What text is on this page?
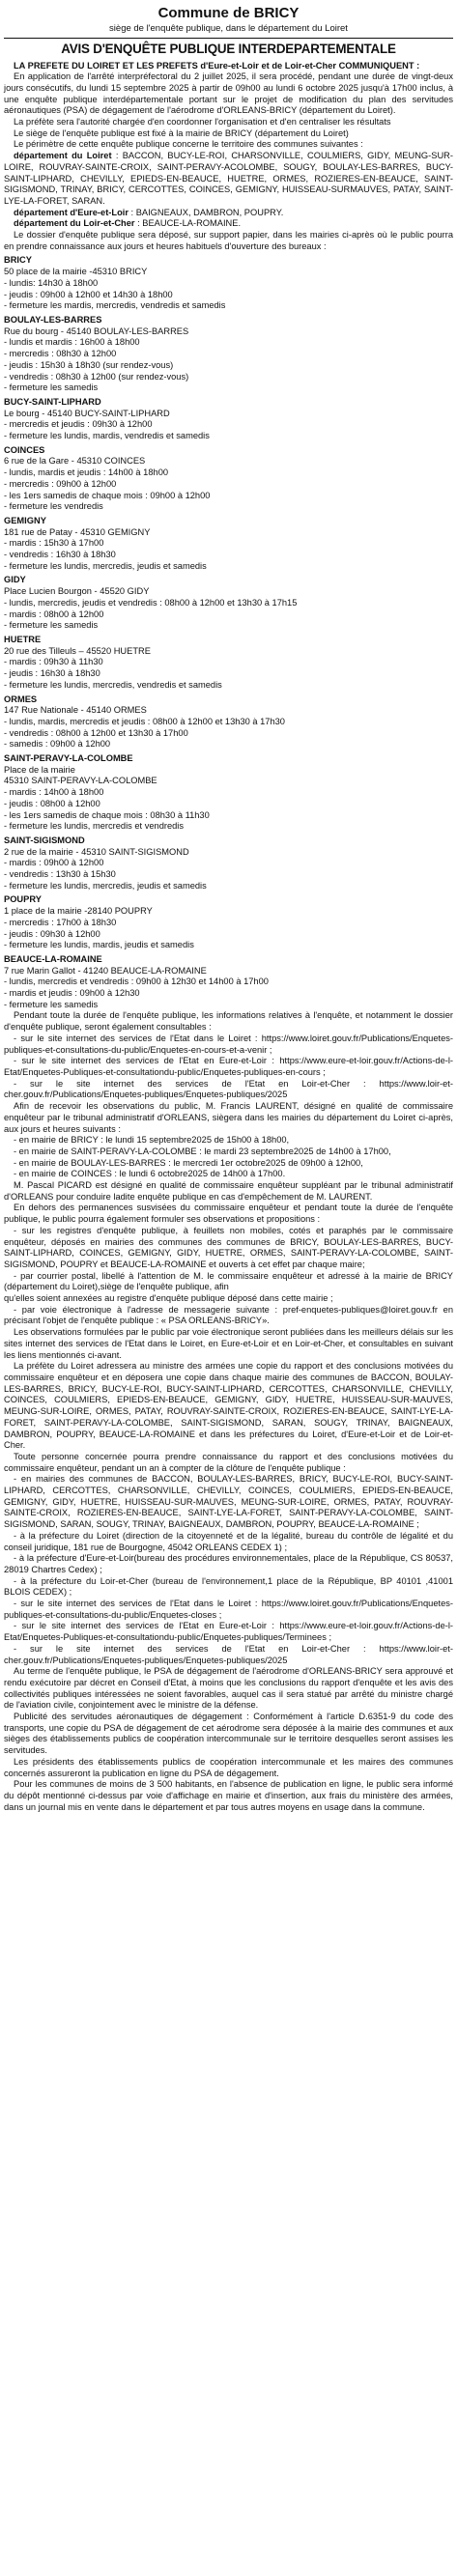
Commune de BRICY
siège de l'enquête publique, dans le département du Loiret
AVIS D'ENQUÊTE PUBLIQUE INTERDEPARTEMENTALE

LA PREFETE DU LOIRET ET LES PREFETS d'Eure-et-Loir et de Loir-et-Cher COMMUNIQUENT :

En application de l'arrêté interpréfectoral du 2 juillet 2025, il sera procédé, pendant une durée de vingt-deux jours consécutifs, du lundi 15 septembre 2025 à partir de 09h00 au lundi 6 octobre 2025 jusqu'à 17h00 inclus, à une enquête publique interdépartementale portant sur le projet de modification du plan des servitudes aéronautiques (PSA) de dégagement de l'aérodrome d'ORLEANS-BRICY (département du Loiret).

La préfète sera l'autorité chargée d'en coordonner l'organisation et d'en centraliser les résultats

Le siège de l'enquête publique est fixé à la mairie de BRICY (département du Loiret)

Le périmètre de cette enquête publique concerne le territoire des communes suivantes :

département du Loiret : BACCON, BUCY-LE-ROI, CHARSONVILLE, COULMIERS, GIDY, MEUNG-SUR-LOIRE, ROUVRAY-SAINTE-CROIX, SAINT-PERAVY-ACOLOMBE, SOUGY, BOULAY-LES-BARRES, BUCY-SAINT-LIPHARD, CHEVILLY, EPIEDS-EN-BEAUCE, HUETRE, ORMES, ROZIERES-EN-BEAUCE, SAINT-SIGISMOND, TRINAY, BRICY, CERCOTTES, COINCES, GEMIGNY, HUISSEAU-SURMAUVES, PATAY, SAINT-LYE-LA-FORET, SARAN.

département d'Eure-et-Loir : BAIGNEAUX, DAMBRON, POUPRY.

département du Loir-et-Cher : BEAUCE-LA-ROMAINE.

Le dossier d'enquête publique sera déposé, sur support papier, dans les mairies ci-après où le public pourra en prendre connaissance aux jours et heures habituels d'ouverture des bureaux :

BRICY
50 place de la mairie -45310 BRICY
- lundis: 14h30 à 18h00
- jeudis : 09h00 à 12h00 et 14h30 à 18h00
- fermeture les mardis, mercredis, vendredis et samedis
BOULAY-LES-BARRES
Rue du bourg - 45140 BOULAY-LES-BARRES
- lundis et mardis : 16h00 à 18h00
- mercredis : 08h30 à 12h00
- jeudis : 15h30 à 18h30 (sur rendez-vous)
- vendredis : 08h30 à 12h00 (sur rendez-vous)
- fermeture les samedis
BUCY-SAINT-LIPHARD
Le bourg - 45140 BUCY-SAINT-LIPHARD
- mercredis et jeudis : 09h30 à 12h00
- fermeture les lundis, mardis, vendredis et samedis
COINCES
6 rue de la Gare - 45310 COINCES
- lundis, mardis et jeudis : 14h00 à 18h00
- mercredis : 09h00 à 12h00
- les 1ers samedis de chaque mois : 09h00 à 12h00
- fermeture les vendredis
GEMIGNY
181 rue de Patay - 45310 GEMIGNY
- mardis : 15h30 à 17h00
- vendredis : 16h30 à 18h30
- fermeture les lundis, mercredis, jeudis et samedis
GIDY
Place Lucien Bourgon - 45520 GIDY
- lundis, mercredis, jeudis et vendredis : 08h00 à 12h00 et 13h30 à 17h15
- mardis : 08h00 à 12h00
- fermeture les samedis
HUETRE
20 rue des Tilleuls – 45520 HUETRE
- mardis : 09h30 à 11h30
- jeudis : 16h30 à 18h30
- fermeture les lundis, mercredis, vendredis et samedis
ORMES
147 Rue Nationale - 45140 ORMES
- lundis, mardis, mercredis et jeudis : 08h00 à 12h00 et 13h30 à 17h30
- vendredis : 08h00 à 12h00 et 13h30 à 17h00
- samedis : 09h00 à 12h00
SAINT-PERAVY-LA-COLOMBE
Place de la mairie
45310 SAINT-PERAVY-LA-COLOMBE
- mardis : 14h00 à 18h00
- jeudis : 08h00 à 12h00
- les 1ers samedis de chaque mois : 08h30 à 11h30
- fermeture les lundis, mercredis et vendredis
SAINT-SIGISMOND
2 rue de la mairie - 45310 SAINT-SIGISMOND
- mardis : 09h00 à 12h00
- vendredis : 13h30 à 15h30
- fermeture les lundis, mercredis, jeudis et samedis
POUPRY
1 place de la mairie -28140 POUPRY
- mercredis : 17h00 à 18h30
- jeudis : 09h30 à 12h00
- fermeture les lundis, mardis, jeudis et samedis
BEAUCE-LA-ROMAINE
7 rue Marin Gallot - 41240 BEAUCE-LA-ROMAINE
- lundis, mercredis et vendredis : 09h00 à 12h30 et 14h00 à 17h00
- mardis et jeudis : 09h00 à 12h30
- fermeture les samedis

Pendant toute la durée de l'enquête publique, les informations relatives à l'enquête, et notamment le dossier d'enquête publique, seront également consultables :

- sur le site internet des services de l'Etat dans le Loiret : https://www.loiret.gouv.fr/Publications/Enquetes-publiques-et-consultations-du-public/Enquetes-en-cours-et-a-venir ;

- sur le site internet des services de l'Etat en Eure-et-Loir : https://www.eure-et-loir.gouv.fr/Actions-de-l-Etat/Enquetes-Publiques-et-consultationdu-public/Enquetes-publiques-en-cours ;

- sur le site internet des services de l'Etat en Loir-et-Cher : https://www.loir-et-cher.gouv.fr/Publications/Enquetes-publiques/Enquetes-publiques/2025

Afin de recevoir les observations du public, M. Francis LAURENT, désigné en qualité de commissaire enquêteur par le tribunal administratif d'ORLEANS, siègera dans les mairies du département du Loiret ci-après, aux jours et heures suivants :

- en mairie de BRICY : le lundi 15 septembre2025 de 15h00 à 18h00,

- en mairie de SAINT-PERAVY-LA-COLOMBE : le mardi 23 septembre2025 de 14h00 à 17h00,

- en mairie de BOULAY-LES-BARRES : le mercredi 1er octobre2025 de 09h00 à 12h00,

- en mairie de COINCES : le lundi 6 octobre2025 de 14h00 à 17h00.

M. Pascal PICARD est désigné en qualité de commissaire enquêteur suppléant par le tribunal administratif d'ORLEANS pour conduire ladite enquête publique en cas d'empêchement de M. LAURENT.

En dehors des permanences susvisées du commissaire enquêteur et pendant toute la durée de l'enquête publique, le public pourra également formuler ses observations et propositions :

- sur les registres d'enquête publique, à feuillets non mobiles, cotés et paraphés par le commissaire enquêteur, déposés en mairies des communes des communes de BRICY, BOULAY-LES-BARRES, BUCY-SAINT-LIPHARD, COINCES, GEMIGNY, GIDY, HUETRE, ORMES, SAINT-PERAVY-LA-COLOMBE, SAINT-SIGISMOND, POUPRY et BEAUCE-LA-ROMAINE et ouverts à cet effet par chaque maire;

- par courrier postal, libellé à l'attention de M. le commissaire enquêteur et adressé à la mairie de BRICY (département du Loiret),siège de l'enquête publique, afin

qu'elles soient annexées au registre d'enquête publique déposé dans cette mairie ;

- par voie électronique à l'adresse de messagerie suivante : pref-enquetes-publiques@loiret.gouv.fr en précisant l'objet de l'enquête publique : « PSA ORLEANS-BRICY».

Les observations formulées par le public par voie électronique seront publiées dans les meilleurs délais sur les sites internet des services de l'Etat dans le Loiret, en Eure-et-Loir et en Loir-et-Cher, et consultables en suivant les liens mentionnés ci-avant.

La préfète du Loiret adressera au ministre des armées une copie du rapport et des conclusions motivées du commissaire enquêteur et en déposera une copie dans chaque mairie des communes de BACCON, BOULAY-LES-BARRES, BRICY, BUCY-LE-ROI, BUCY-SAINT-LIPHARD, CERCOTTES, CHARSONVILLE, CHEVILLY, COINCES, COULMIERS, EPIEDS-EN-BEAUCE, GEMIGNY, GIDY, HUETRE, HUISSEAU-SUR-MAUVES, MEUNG-SUR-LOIRE, ORMES, PATAY, ROUVRAY-SAINTE-CROIX, ROZIERES-EN-BEAUCE, SAINT-LYE-LA-FORET, SAINT-PERAVY-LA-COLOMBE, SAINT-SIGISMOND, SARAN, SOUGY, TRINAY, BAIGNEAUX, DAMBRON, POUPRY, BEAUCE-LA-ROMAINE et dans les préfectures du Loiret, d'Eure-et-Loir et de Loir-et-Cher.

Toute personne concernée pourra prendre connaissance du rapport et des conclusions motivées du commissaire enquêteur, pendant un an à compter de la clôture de l'enquête publique :

- en mairies des communes de BACCON, BOULAY-LES-BARRES, BRICY, BUCY-LE-ROI, BUCY-SAINT-LIPHARD, CERCOTTES, CHARSONVILLE, CHEVILLY, COINCES, COULMIERS, EPIEDS-EN-BEAUCE, GEMIGNY, GIDY, HUETRE, HUISSEAU-SUR-MAUVES, MEUNG-SUR-LOIRE, ORMES, PATAY, ROUVRAY-SAINTE-CROIX, ROZIERES-EN-BEAUCE, SAINT-LYE-LA-FORET, SAINT-PERAVY-LA-COLOMBE, SAINT-SIGISMOND, SARAN, SOUGY, TRINAY, BAIGNEAUX, DAMBRON, POUPRY, BEAUCE-LA-ROMAINE ;

- à la préfecture du Loiret (direction de la citoyenneté et de la légalité, bureau du contrôle de légalité et du conseil juridique, 181 rue de Bourgogne, 45042 ORLEANS CEDEX 1) ;

- à la préfecture d'Eure-et-Loir(bureau des procédures environnementales, place de la République, CS 80537, 28019 Chartres Cedex) ;

- à la préfecture du Loir-et-Cher (bureau de l'environnement,1 place de la République, BP 40101 ,41001 BLOIS CEDEX) ;

- sur le site internet des services de l'Etat dans le Loiret : https://www.loiret.gouv.fr/Publications/Enquetes-publiques-et-consultations-du-public/Enquetes-closes ;

- sur le site internet des services de l'Etat en Eure-et-Loir : https://www.eure-et-loir.gouv.fr/Actions-de-l-Etat/Enquetes-Publiques-et-consultationdu-public/Enquetes-publiques/Terminees ;

- sur le site internet des services de l'Etat en Loir-et-Cher : https://www.loir-et-cher.gouv.fr/Publications/Enquetes-publiques/Enquetes-publiques/2025

Au terme de l'enquête publique, le PSA de dégagement de l'aérodrome d'ORLEANS-BRICY sera approuvé et rendu exécutoire par décret en Conseil d'Etat, à moins que les conclusions du rapport d'enquête et les avis des collectivités publiques intéressées ne soient favorables, auquel cas il sera statué par arrêté du ministre chargé de l'aviation civile, conjointement avec le ministre de la défense.

Publicité des servitudes aéronautiques de dégagement : Conformément à l'article D.6351-9 du code des transports, une copie du PSA de dégagement de cet aérodrome sera déposée à la mairie des communes et aux sièges des établissements publics de coopération intercommunale sur le territoire desquelles seront assises les servitudes.

Les présidents des établissements publics de coopération intercommunale et les maires des communes concernés assureront la publication en ligne du PSA de dégagement.

Pour les communes de moins de 3 500 habitants, en l'absence de publication en ligne, le public sera informé du dépôt mentionné ci-dessus par voie d'affichage en mairie et d'insertion, aux frais du ministère des armées, dans un journal mis en vente dans le département et par tous autres moyens en usage dans la commune.
